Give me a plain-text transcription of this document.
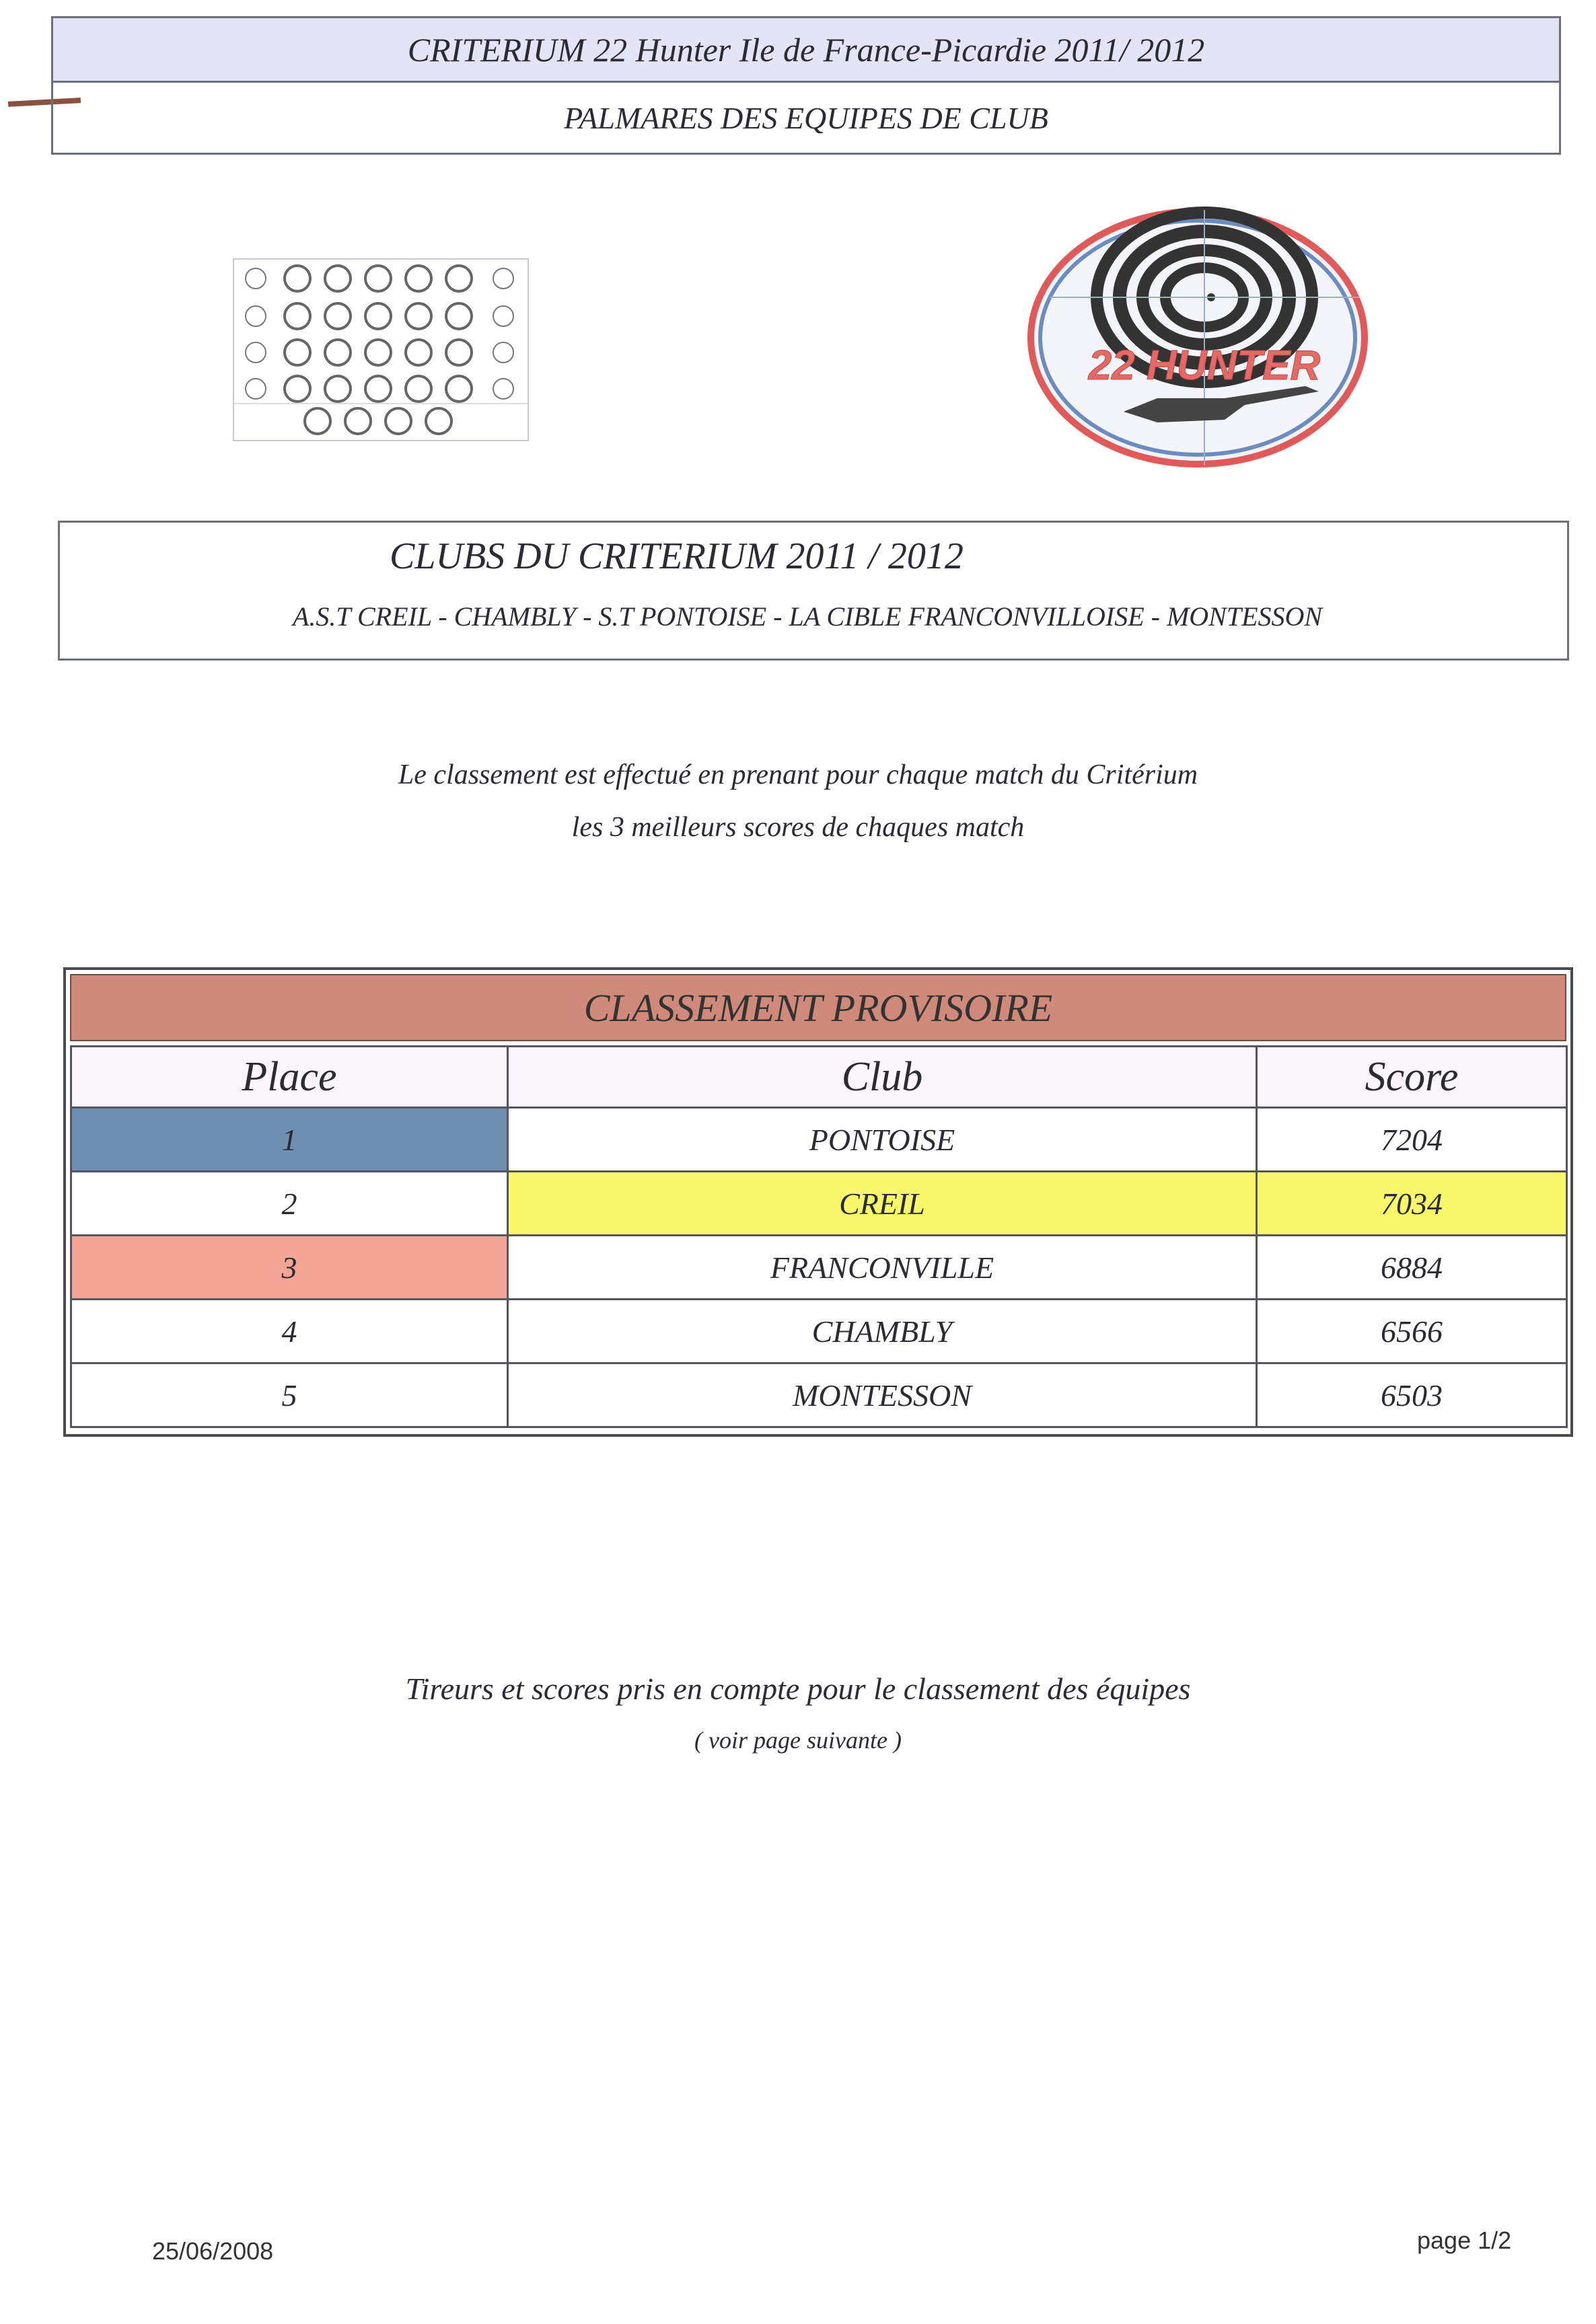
CRITERIUM 22 Hunter Ile de France-Picardie 2011/ 2012
PALMARES DES EQUIPES DE CLUB
22 HUNTER
CLUBS DU CRITERIUM 2011 / 2012
A.S.T CREIL - CHAMBLY - S.T PONTOISE - LA CIBLE FRANCONVILLOISE - MONTESSON
Le classement est effectué en prenant pour chaque match du Critérium
les 3 meilleurs scores de chaques match
CLASSEMENT PROVISOIRE
Place	Club	Score
1	PONTOISE	7204
2	CREIL	7034
3	FRANCONVILLE	6884
4	CHAMBLY	6566
5	MONTESSON	6503
Tireurs et scores pris en compte pour le classement des équipes
( voir page suivante )
25/06/2008	page 1/2
